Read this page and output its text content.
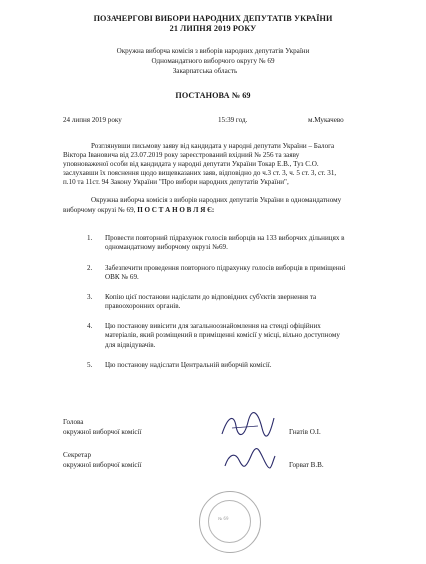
ПОЗАЧЕРГОВІ ВИБОРИ НАРОДНИХ ДЕПУТАТІВ УКРАЇНИ
21 ЛИПНЯ 2019 РОКУ
Окружна виборча комісія з виборів народних депутатів України
Одномандатного виборчого округу № 69
Закарпатська область
ПОСТАНОВА № 69
24 липня 2019 року	15:39 год.	м.Мукачево
Розглянувши письмову заяву від кандидата у народні депутати України – Балога
Віктора Івановича від 23.07.2019 року зареєстрований вхідний № 256 та заяву
уповноваженої особи від кандидата у народні депутати України Токар Е.В., Туз С.О.
заслухавши їх пояснення щодо вищевказаних заяв, відповідно до ч.3 ст. 3, ч. 5 ст. 3, ст. 31,
п.10 та 11ст. 94 Закону України "Про вибори народних депутатів України",
Окружна виборча комісія з виборів народних депутатів України в одномандатному
виборчому окрузі № 69, П О С Т А Н О В Л Я Є:
1. Провести повторний підрахунок голосів виборців на 133 виборчих дільницях в
одномандатному виборчому окрузі №69.
2. Забезпечити проведення повторного підрахунку голосів виборців в приміщенні
ОВК № 69.
3. Копію цієї постанови надіслати до відповідних суб'єктів звернення та
правоохоронних органів.
4. Цю постанову вивісити для загальноознайомлення на стенді офіційних
матеріалів, який розміщений в приміщенні комісії у місці, вільно доступному
для відвідувачів.
5. Цю постанову надіслати Центральній виборчій комісії.
Голова
окружної виборчої комісії	Гнатів О.І.
Секретар
окружної виборчої комісії	Горват В.В.
№ 69
